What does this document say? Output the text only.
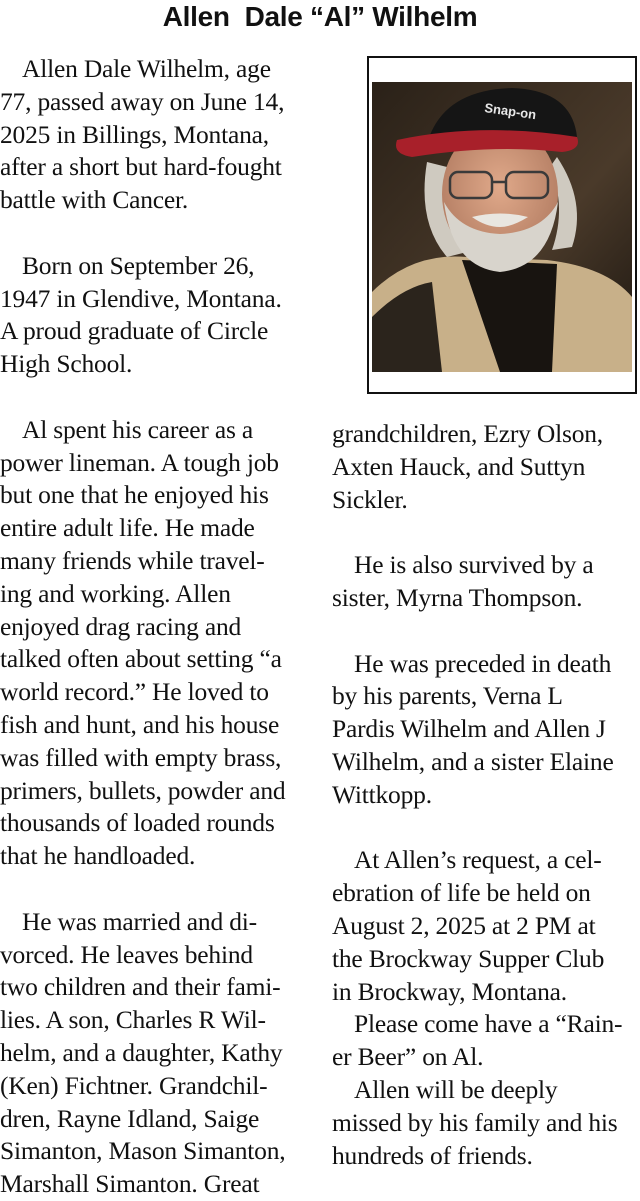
Allen  Dale “Al” Wilhelm
Snap-on
Allen Dale Wilhelm, age
77, passed away on June 14,
2025 in Billings, Montana,
after a short but hard-fought
battle with Cancer.
Born on September 26,
1947 in Glendive, Montana.
A proud graduate of Circle
High School.
Al spent his career as a
power lineman. A tough job
but one that he enjoyed his
entire adult life. He made
many friends while travel-
ing and working. Allen
enjoyed drag racing and
talked often about setting “a
world record.” He loved to
fish and hunt, and his house
was filled with empty brass,
primers, bullets, powder and
thousands of loaded rounds
that he handloaded.
He was married and di-
vorced. He leaves behind
two children and their fami-
lies. A son, Charles R Wil-
helm, and a daughter, Kathy
(Ken) Fichtner. Grandchil-
dren, Rayne Idland, Saige
Simanton, Mason Simanton,
Marshall Simanton. Great
grandchildren, Ezry Olson,
Axten Hauck, and Suttyn
Sickler.
He is also survived by a
sister, Myrna Thompson.
He was preceded in death
by his parents, Verna L
Pardis Wilhelm and Allen J
Wilhelm, and a sister Elaine
Wittkopp.
At Allen’s request, a cel-
ebration of life be held on
August 2, 2025 at 2 PM at
the Brockway Supper Club
in Brockway, Montana.
Please come have a “Rain-
er Beer” on Al.
Allen will be deeply
missed by his family and his
hundreds of friends.
